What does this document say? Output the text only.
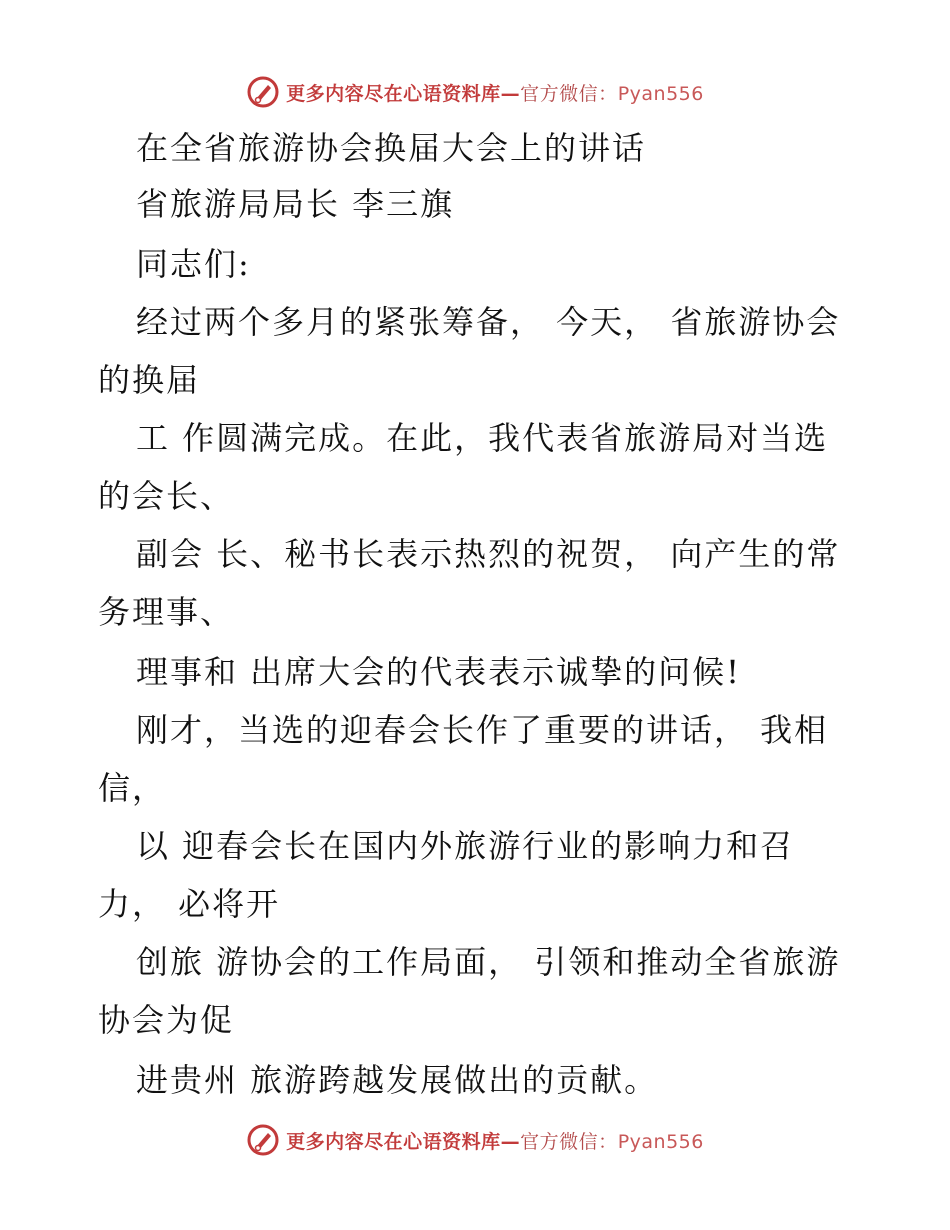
更多内容尽在心语资料库—官方微信：Pyan556
在全省旅游协会换届大会上的讲话
省旅游局局长 李三旗
同志们:
经过两个多月的紧张筹备， 今天， 省旅游协会
的换届
工 作圆满完成。在此，我代表省旅游局对当选
的会长、
副会 长、秘书长表示热烈的祝贺， 向产生的常
务理事、
理事和 出席大会的代表表示诚挚的问候!
刚才，当选的迎春会长作了重要的讲话， 我相
信，
以 迎春会长在国内外旅游行业的影响力和召
力， 必将开
创旅 游协会的工作局面， 引领和推动全省旅游
协会为促
进贵州 旅游跨越发展做出的贡献。
更多内容尽在心语资料库—官方微信：Pyan556
